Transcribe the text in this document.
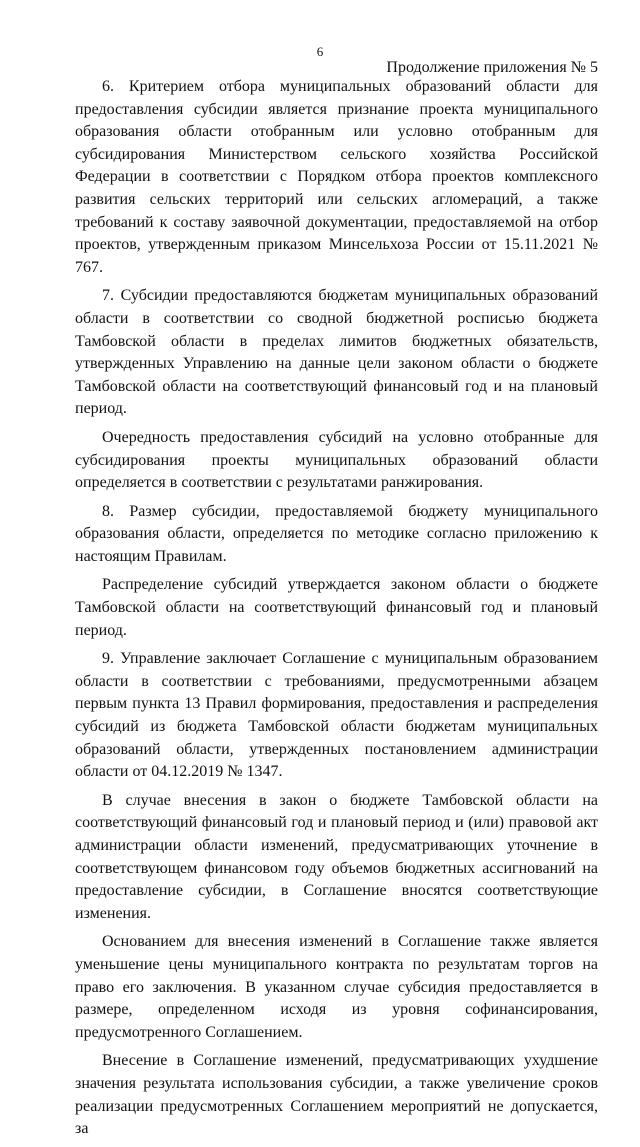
6
Продолжение приложения № 5

6. Критерием отбора муниципальных образований области для предоставления субсидии является признание проекта муниципального образования области отобранным или условно отобранным для субсидирования Министерством сельского хозяйства Российской Федерации в соответствии с Порядком отбора проектов комплексного развития сельских территорий или сельских агломераций, а также требований к составу заявочной документации, предоставляемой на отбор проектов, утвержденным приказом Минсельхоза России от 15.11.2021 № 767.

7. Субсидии предоставляются бюджетам муниципальных образований области в соответствии со сводной бюджетной росписью бюджета Тамбовской области в пределах лимитов бюджетных обязательств, утвержденных Управлению на данные цели законом области о бюджете Тамбовской области на соответствующий финансовый год и на плановый период.

Очередность предоставления субсидий на условно отобранные для субсидирования проекты муниципальных образований области определяется в соответствии с результатами ранжирования.

8. Размер субсидии, предоставляемой бюджету муниципального образования области, определяется по методике согласно приложению к настоящим Правилам.

Распределение субсидий утверждается законом области о бюджете Тамбовской области на соответствующий финансовый год и плановый период.

9. Управление заключает Соглашение с муниципальным образованием области в соответствии с требованиями, предусмотренными абзацем первым пункта 13 Правил формирования, предоставления и распределения субсидий из бюджета Тамбовской области бюджетам муниципальных образований области, утвержденных постановлением администрации области от 04.12.2019 № 1347.

В случае внесения в закон о бюджете Тамбовской области на соответствующий финансовый год и плановый период и (или) правовой акт администрации области изменений, предусматривающих уточнение в соответствующем финансовом году объемов бюджетных ассигнований на предоставление субсидии, в Соглашение вносятся соответствующие изменения.

Основанием для внесения изменений в Соглашение также является уменьшение цены муниципального контракта по результатам торгов на право его заключения. В указанном случае субсидия предоставляется в размере, определенном исходя из уровня софинансирования, предусмотренного Соглашением.

Внесение в Соглашение изменений, предусматривающих ухудшение значения результата использования субсидии, а также увеличение сроков реализации предусмотренных Соглашением мероприятий не допускается, за
